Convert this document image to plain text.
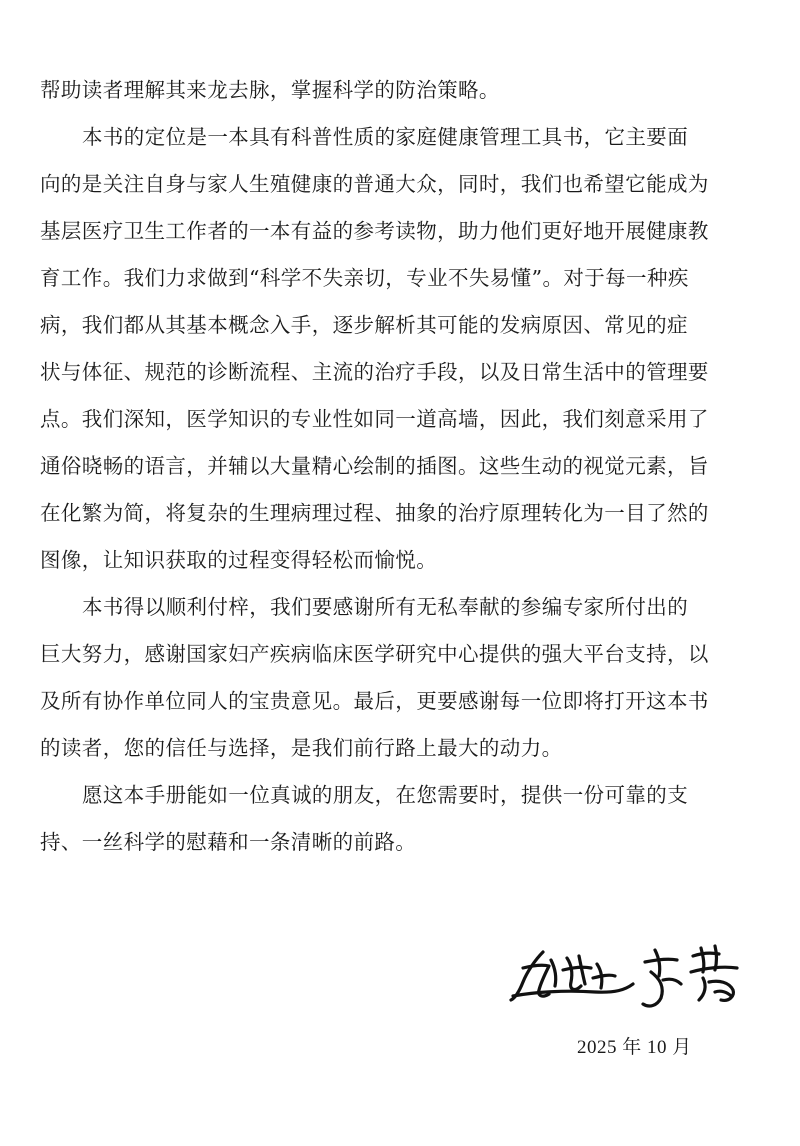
帮助读者理解其来龙去脉，掌握科学的防治策略。
本书的定位是一本具有科普性质的家庭健康管理工具书，它主要面
向的是关注自身与家人生殖健康的普通大众，同时，我们也希望它能成为
基层医疗卫生工作者的一本有益的参考读物，助力他们更好地开展健康教
育工作。我们力求做到“科学不失亲切，专业不失易懂”。对于每一种疾
病，我们都从其基本概念入手，逐步解析其可能的发病原因、常见的症
状与体征、规范的诊断流程、主流的治疗手段，以及日常生活中的管理要
点。我们深知，医学知识的专业性如同一道高墙，因此，我们刻意采用了
通俗晓畅的语言，并辅以大量精心绘制的插图。这些生动的视觉元素，旨
在化繁为简，将复杂的生理病理过程、抽象的治疗原理转化为一目了然的
图像，让知识获取的过程变得轻松而愉悦。
本书得以顺利付梓，我们要感谢所有无私奉献的参编专家所付出的
巨大努力，感谢国家妇产疾病临床医学研究中心提供的强大平台支持，以
及所有协作单位同人的宝贵意见。最后，更要感谢每一位即将打开这本书
的读者，您的信任与选择，是我们前行路上最大的动力。
愿这本手册能如一位真诚的朋友，在您需要时，提供一份可靠的支
持、一丝科学的慰藉和一条清晰的前路。
2025 年 10 月
